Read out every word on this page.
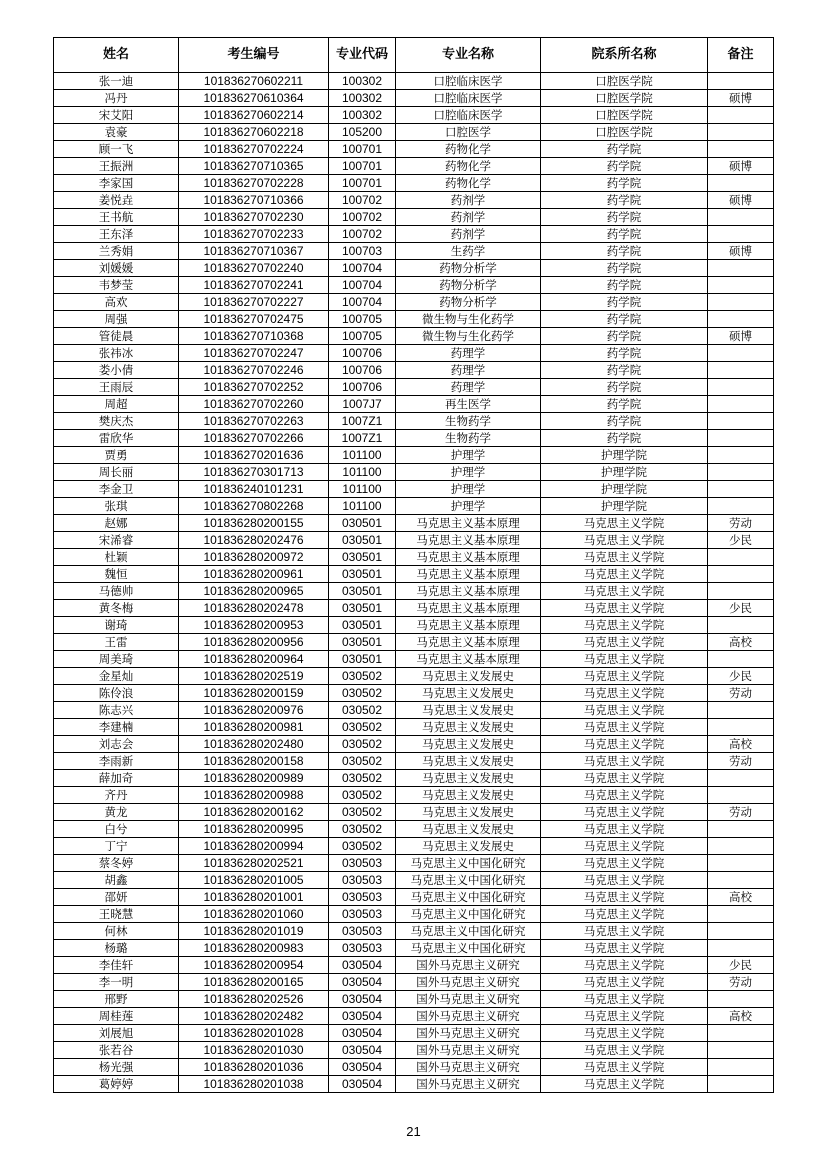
姓名	考生编号	专业代码	专业名称	院系所名称	备注
张一迪	101836270602211	100302	口腔临床医学	口腔医学院	
冯丹	101836270610364	100302	口腔临床医学	口腔医学院	硕博
宋艾阳	101836270602214	100302	口腔临床医学	口腔医学院	
袁豪	101836270602218	105200	口腔医学	口腔医学院	
顾一飞	101836270702224	100701	药物化学	药学院	
王振洲	101836270710365	100701	药物化学	药学院	硕博
李家国	101836270702228	100701	药物化学	药学院	
姜悦垚	101836270710366	100702	药剂学	药学院	硕博
王书航	101836270702230	100702	药剂学	药学院	
王东泽	101836270702233	100702	药剂学	药学院	
兰秀娟	101836270710367	100703	生药学	药学院	硕博
刘媛媛	101836270702240	100704	药物分析学	药学院	
韦梦莹	101836270702241	100704	药物分析学	药学院	
高欢	101836270702227	100704	药物分析学	药学院	
周强	101836270702475	100705	微生物与生化药学	药学院	
管徒晨	101836270710368	100705	微生物与生化药学	药学院	硕博
张祎冰	101836270702247	100706	药理学	药学院	
娄小倩	101836270702246	100706	药理学	药学院	
王雨辰	101836270702252	100706	药理学	药学院	
周超	101836270702260	1007J7	再生医学	药学院	
樊庆杰	101836270702263	1007Z1	生物药学	药学院	
雷欣华	101836270702266	1007Z1	生物药学	药学院	
贾勇	101836270201636	101100	护理学	护理学院	
周长丽	101836270301713	101100	护理学	护理学院	
李金卫	101836240101231	101100	护理学	护理学院	
张琪	101836270802268	101100	护理学	护理学院	
赵娜	101836280200155	030501	马克思主义基本原理	马克思主义学院	劳动
宋浠睿	101836280202476	030501	马克思主义基本原理	马克思主义学院	少民
杜颖	101836280200972	030501	马克思主义基本原理	马克思主义学院	
魏恒	101836280200961	030501	马克思主义基本原理	马克思主义学院	
马德帅	101836280200965	030501	马克思主义基本原理	马克思主义学院	
黄冬梅	101836280202478	030501	马克思主义基本原理	马克思主义学院	少民
谢琦	101836280200953	030501	马克思主义基本原理	马克思主义学院	
王雷	101836280200956	030501	马克思主义基本原理	马克思主义学院	高校
周美琦	101836280200964	030501	马克思主义基本原理	马克思主义学院	
金星灿	101836280202519	030502	马克思主义发展史	马克思主义学院	少民
陈伶浪	101836280200159	030502	马克思主义发展史	马克思主义学院	劳动
陈志兴	101836280200976	030502	马克思主义发展史	马克思主义学院	
李建楠	101836280200981	030502	马克思主义发展史	马克思主义学院	
刘志会	101836280202480	030502	马克思主义发展史	马克思主义学院	高校
李雨新	101836280200158	030502	马克思主义发展史	马克思主义学院	劳动
薛加奇	101836280200989	030502	马克思主义发展史	马克思主义学院	
齐丹	101836280200988	030502	马克思主义发展史	马克思主义学院	
黄龙	101836280200162	030502	马克思主义发展史	马克思主义学院	劳动
白兮	101836280200995	030502	马克思主义发展史	马克思主义学院	
丁宁	101836280200994	030502	马克思主义发展史	马克思主义学院	
蔡冬婷	101836280202521	030503	马克思主义中国化研究	马克思主义学院	
胡鑫	101836280201005	030503	马克思主义中国化研究	马克思主义学院	
邵妍	101836280201001	030503	马克思主义中国化研究	马克思主义学院	高校
王晓慧	101836280201060	030503	马克思主义中国化研究	马克思主义学院	
何林	101836280201019	030503	马克思主义中国化研究	马克思主义学院	
杨璐	101836280200983	030503	马克思主义中国化研究	马克思主义学院	
李佳轩	101836280200954	030504	国外马克思主义研究	马克思主义学院	少民
李一明	101836280200165	030504	国外马克思主义研究	马克思主义学院	劳动
邢野	101836280202526	030504	国外马克思主义研究	马克思主义学院	
周桂莲	101836280202482	030504	国外马克思主义研究	马克思主义学院	高校
刘展旭	101836280201028	030504	国外马克思主义研究	马克思主义学院	
张若谷	101836280201030	030504	国外马克思主义研究	马克思主义学院	
杨光强	101836280201036	030504	国外马克思主义研究	马克思主义学院	
葛婷婷	101836280201038	030504	国外马克思主义研究	马克思主义学院	
21
